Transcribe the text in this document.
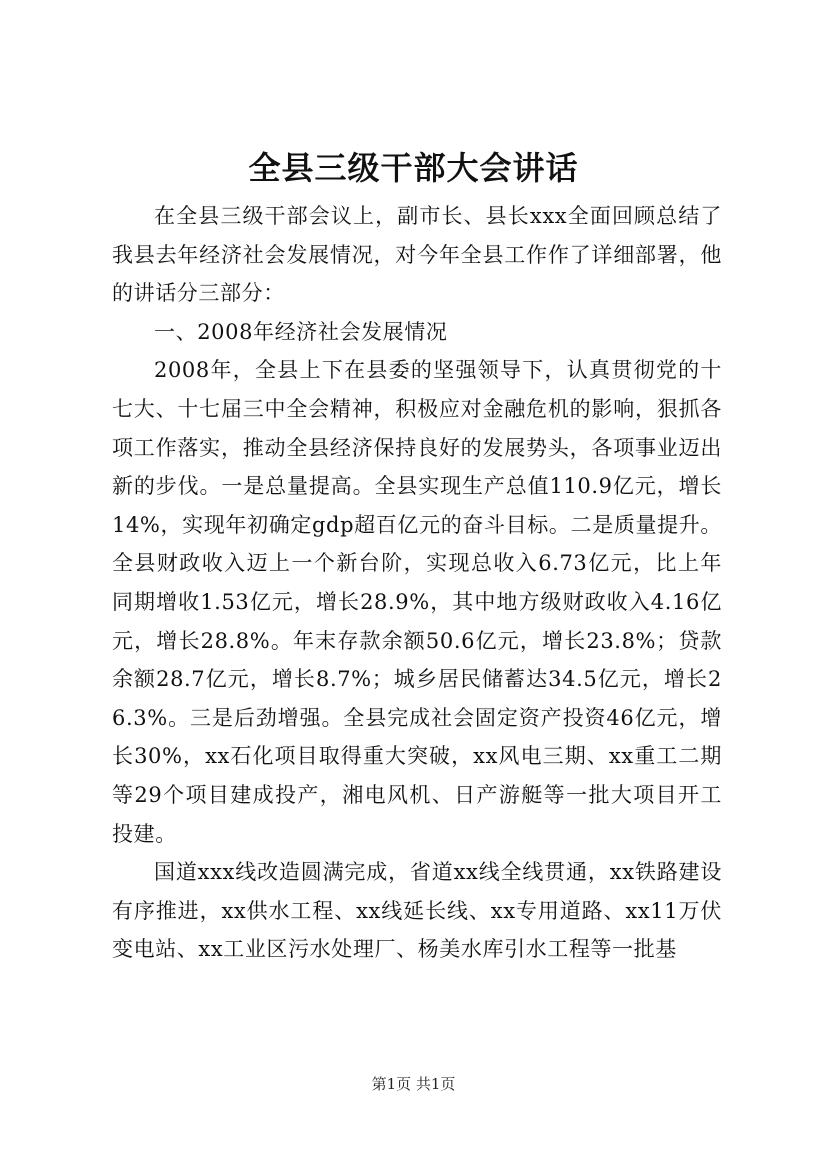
全县三级干部大会讲话

在全县三级干部会议上，副市长、县长xxx全面回顾总结了我县去年经济社会发展情况，对今年全县工作作了详细部署，他的讲话分三部分：

一、2008年经济社会发展情况

2008年，全县上下在县委的坚强领导下，认真贯彻党的十七大、十七届三中全会精神，积极应对金融危机的影响，狠抓各项工作落实，推动全县经济保持良好的发展势头，各项事业迈出新的步伐。一是总量提高。全县实现生产总值110.9亿元，增长14%，实现年初确定gdp超百亿元的奋斗目标。二是质量提升。全县财政收入迈上一个新台阶，实现总收入6.73亿元，比上年同期增收1.53亿元，增长28.9%，其中地方级财政收入4.16亿元，增长28.8%。年末存款余额50.6亿元，增长23.8%；贷款余额28.7亿元，增长8.7%；城乡居民储蓄达34.5亿元，增长26.3%。三是后劲增强。全县完成社会固定资产投资46亿元，增长30%，xx石化项目取得重大突破，xx风电三期、xx重工二期等29个项目建成投产，湘电风机、日产游艇等一批大项目开工投建。

国道xxx线改造圆满完成，省道xx线全线贯通，xx铁路建设有序推进，xx供水工程、xx线延长线、xx专用道路、xx11万伏变电站、xx工业区污水处理厂、杨美水库引水工程等一批基

第1页 共1页
